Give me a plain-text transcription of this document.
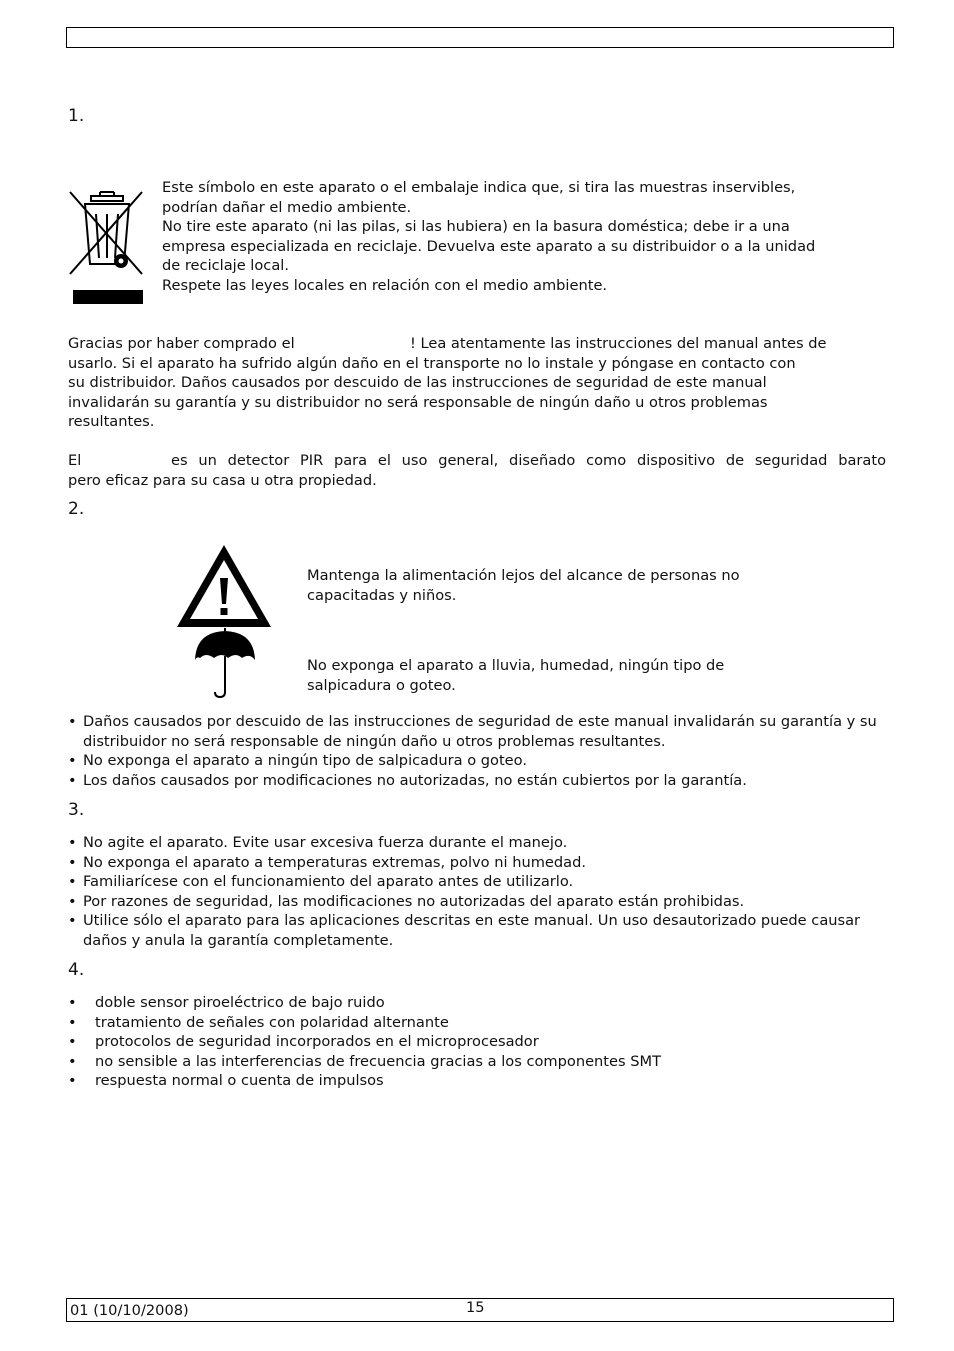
1.
Este símbolo en este aparato o el embalaje indica que, si tira las muestras inservibles,
podrían dañar el medio ambiente.
No tire este aparato (ni las pilas, si las hubiera) en la basura doméstica; debe ir a una
empresa especializada en reciclaje. Devuelva este aparato a su distribuidor o a la unidad
de reciclaje local.
Respete las leyes locales en relación con el medio ambiente.
Gracias por haber comprado el	! Lea atentamente las instrucciones del manual antes de
usarlo. Si el aparato ha sufrido algún daño en el transporte no lo instale y póngase en contacto con
su distribuidor. Daños causados por descuido de las instrucciones de seguridad de este manual
invalidarán su garantía y su distribuidor no será responsable de ningún daño u otros problemas
resultantes.
El	es un detector PIR para el uso general, diseñado como dispositivo de seguridad barato
pero eficaz para su casa u otra propiedad.
2.
Mantenga la alimentación lejos del alcance de personas no
capacitadas y niños.
No exponga el aparato a lluvia, humedad, ningún tipo de
salpicadura o goteo.
• Daños causados por descuido de las instrucciones de seguridad de este manual invalidarán su garantía y su distribuidor no será responsable de ningún daño u otros problemas resultantes.
• No exponga el aparato a ningún tipo de salpicadura o goteo.
• Los daños causados por modificaciones no autorizadas, no están cubiertos por la garantía.
3.
• No agite el aparato. Evite usar excesiva fuerza durante el manejo.
• No exponga el aparato a temperaturas extremas, polvo ni humedad.
• Familiarícese con el funcionamiento del aparato antes de utilizarlo.
• Por razones de seguridad, las modificaciones no autorizadas del aparato están prohibidas.
• Utilice sólo el aparato para las aplicaciones descritas en este manual. Un uso desautorizado puede causar daños y anula la garantía completamente.
4.
• doble sensor piroeléctrico de bajo ruido
• tratamiento de señales con polaridad alternante
• protocolos de seguridad incorporados en el microprocesador
• no sensible a las interferencias de frecuencia gracias a los componentes SMT
• respuesta normal o cuenta de impulsos
01 (10/10/2008)	15
